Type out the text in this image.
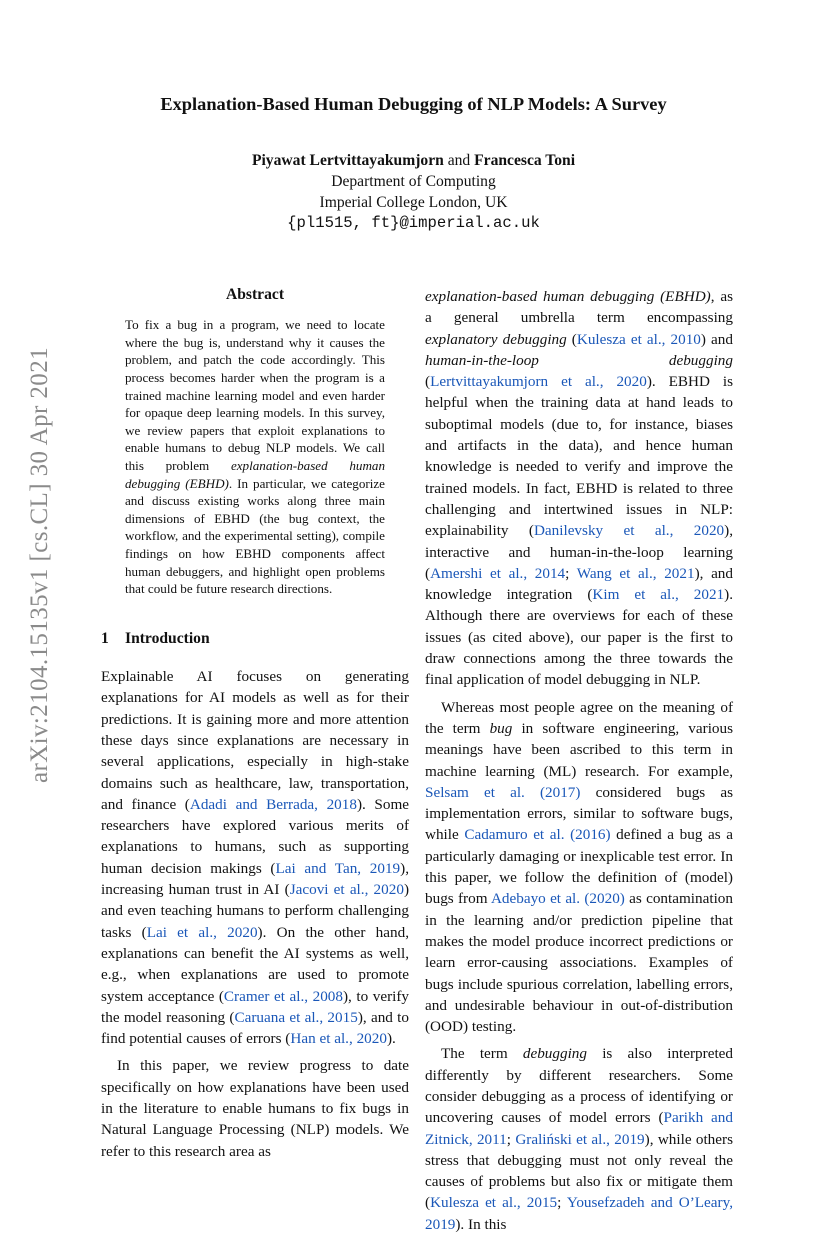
arXiv:2104.15135v1 [cs.CL] 30 Apr 2021
Explanation-Based Human Debugging of NLP Models: A Survey
Piyawat Lertvittayakumjorn and Francesca Toni
Department of Computing
Imperial College London, UK
{pl1515, ft}@imperial.ac.uk
Abstract
To fix a bug in a program, we need to locate where the bug is, understand why it causes the problem, and patch the code accordingly. This process becomes harder when the program is a trained machine learning model and even harder for opaque deep learning models. In this survey, we review papers that exploit explanations to enable humans to debug NLP models. We call this problem explanation-based human debugging (EBHD). In particular, we categorize and discuss existing works along three main dimensions of EBHD (the bug context, the workflow, and the experimental setting), compile findings on how EBHD components affect human debuggers, and highlight open problems that could be future research directions.
1 Introduction

Explainable AI focuses on generating explanations for AI models as well as for their predictions. It is gaining more and more attention these days since explanations are necessary in several applications, especially in high-stake domains such as healthcare, law, transportation, and finance (Adadi and Berrada, 2018). Some researchers have explored various merits of explanations to humans, such as supporting human decision makings (Lai and Tan, 2019), increasing human trust in AI (Jacovi et al., 2020) and even teaching humans to perform challenging tasks (Lai et al., 2020). On the other hand, explanations can benefit the AI systems as well, e.g., when explanations are used to promote system acceptance (Cramer et al., 2008), to verify the model reasoning (Caruana et al., 2015), and to find potential causes of errors (Han et al., 2020).

In this paper, we review progress to date specifically on how explanations have been used in the literature to enable humans to fix bugs in Natural Language Processing (NLP) models. We refer to this research area as

explanation-based human debugging (EBHD), as a general umbrella term encompassing explanatory debugging (Kulesza et al., 2010) and human-in-the-loop debugging (Lertvittayakumjorn et al., 2020). EBHD is helpful when the training data at hand leads to suboptimal models (due to, for instance, biases and artifacts in the data), and hence human knowledge is needed to verify and improve the trained models. In fact, EBHD is related to three challenging and intertwined issues in NLP: explainability (Danilevsky et al., 2020), interactive and human-in-the-loop learning (Amershi et al., 2014; Wang et al., 2021), and knowledge integration (Kim et al., 2021). Although there are overviews for each of these issues (as cited above), our paper is the first to draw connections among the three towards the final application of model debugging in NLP.

Whereas most people agree on the meaning of the term bug in software engineering, various meanings have been ascribed to this term in machine learning (ML) research. For example, Selsam et al. (2017) considered bugs as implementation errors, similar to software bugs, while Cadamuro et al. (2016) defined a bug as a particularly damaging or inexplicable test error. In this paper, we follow the definition of (model) bugs from Adebayo et al. (2020) as contamination in the learning and/or prediction pipeline that makes the model produce incorrect predictions or learn error-causing associations. Examples of bugs include spurious correlation, labelling errors, and undesirable behaviour in out-of-distribution (OOD) testing.

The term debugging is also interpreted differently by different researchers. Some consider debugging as a process of identifying or uncovering causes of model errors (Parikh and Zitnick, 2011; Graliński et al., 2019), while others stress that debugging must not only reveal the causes of problems but also fix or mitigate them (Kulesza et al., 2015; Yousefzadeh and O’Leary, 2019). In this
